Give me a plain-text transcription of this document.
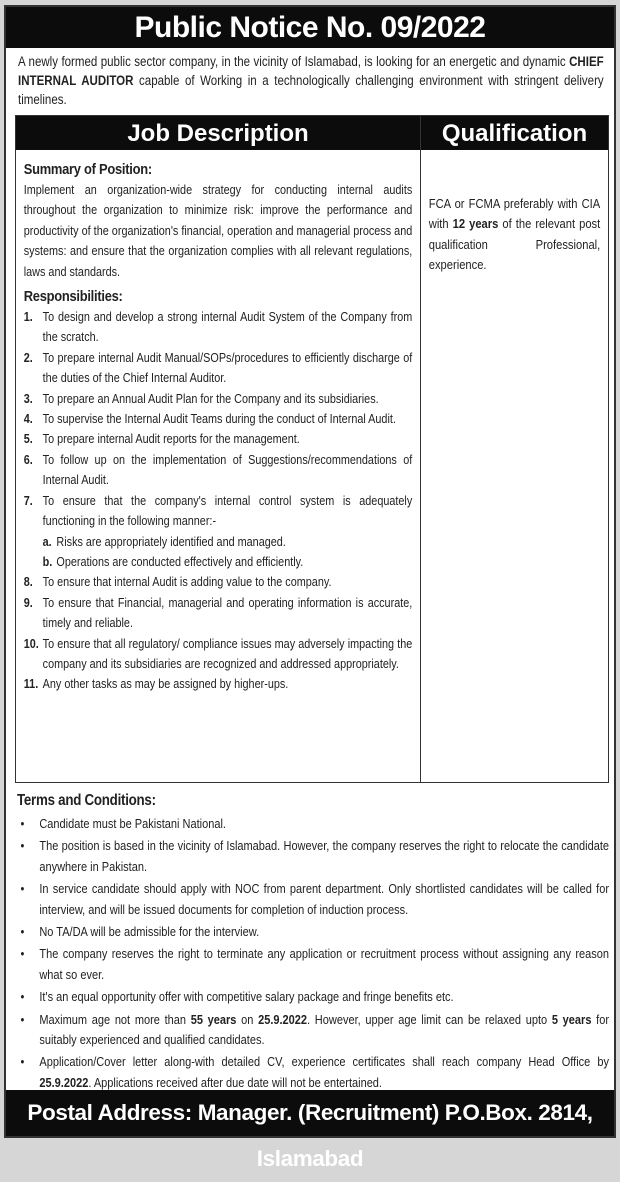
Public Notice No. 09/2022

A newly formed public sector company, in the vicinity of Islamabad, is looking for an energetic and dynamic CHIEF INTERNAL AUDITOR capable of Working in a technologically challenging environment with stringent delivery timelines.

Job Description
Summary of Position:

Implement an organization-wide strategy for conducting internal audits throughout the organization to minimize risk: improve the performance and productivity of the organization's financial, operation and managerial process and systems: and ensure that the organization complies with all relevant regulations, laws and standards.

Responsibilities:
1. To design and develop a strong internal Audit System of the Company from the scratch.
2. To prepare internal Audit Manual/SOPs/procedures to efficiently discharge of the duties of the Chief Internal Auditor.
3. To prepare an Annual Audit Plan for the Company and its subsidiaries.
4. To supervise the Internal Audit Teams during the conduct of Internal Audit.
5. To prepare internal Audit reports for the management.
6. To follow up on the implementation of Suggestions/recommendations of Internal Audit.
7. To ensure that the company's internal control system is adequately functioning in the following manner:-
a. Risks are appropriately identified and managed.
b. Operations are conducted effectively and efficiently.
8. To ensure that internal Audit is adding value to the company.
9. To ensure that Financial, managerial and operating information is accurate, timely and reliable.
10. To ensure that all regulatory/ compliance issues may adversely impacting the company and its subsidiaries are recognized and addressed appropriately.
11. Any other tasks as may be assigned by higher-ups.
Qualification

FCA or FCMA preferably with CIA with 12 years of the relevant post qualification Professional, experience.

Terms and Conditions:
• Candidate must be Pakistani National.
• The position is based in the vicinity of Islamabad. However, the company reserves the right to relocate the candidate anywhere in Pakistan.
• In service candidate should apply with NOC from parent department. Only shortlisted candidates will be called for interview, and will be issued documents for completion of induction process.
• No TA/DA will be admissible for the interview.
• The company reserves the right to terminate any application or recruitment process without assigning any reason what so ever.
• It's an equal opportunity offer with competitive salary package and fringe benefits etc.
• Maximum age not more than 55 years on 25.9.2022. However, upper age limit can be relaxed upto 5 years for suitably experienced and qualified candidates.
• Application/Cover letter along-with detailed CV, experience certificates shall reach company Head Office by 25.9.2022. Applications received after due date will not be entertained.
Postal Address: Manager. (Recruitment) P.O.Box. 2814, Islamabad
